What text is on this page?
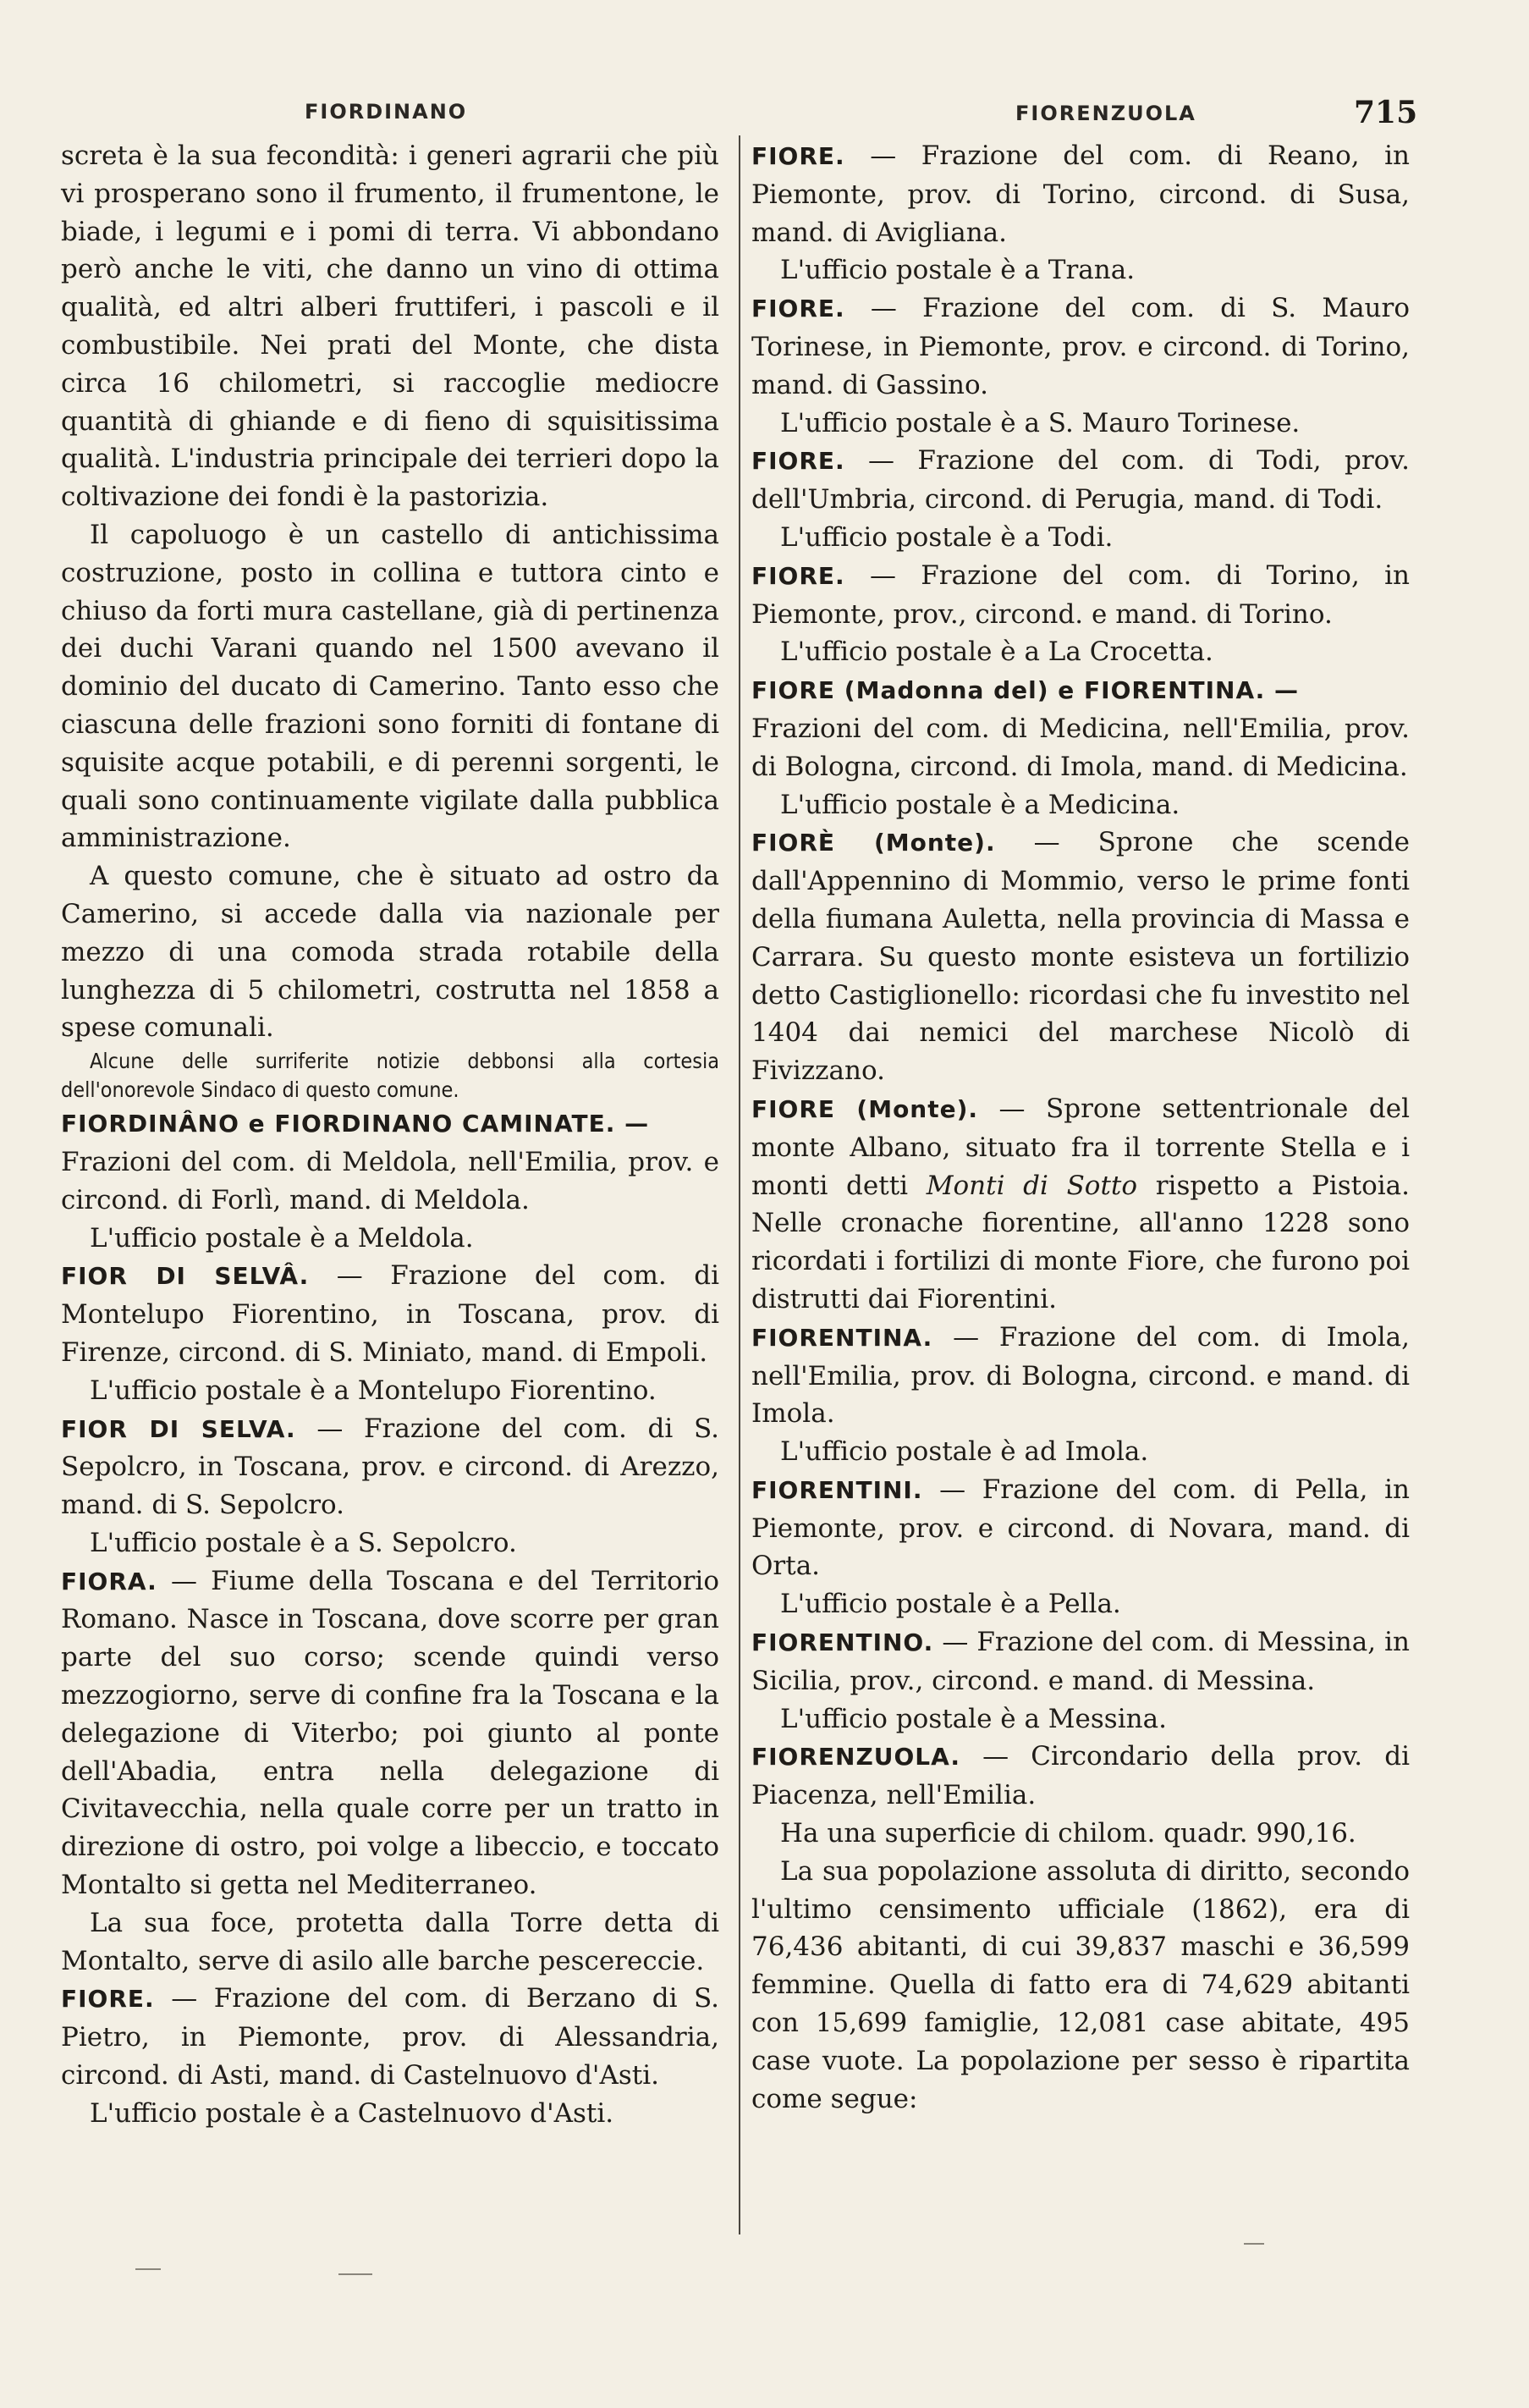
FIORDINANO	FIORENZUOLA	715

screta è la sua fecondità: i generi agrarii che più vi prosperano sono il frumento, il frumentone, le biade, i legumi e i pomi di terra. Vi abbondano però anche le viti, che danno un vino di ottima qualità, ed altri alberi fruttiferi, i pascoli e il combustibile. Nei prati del Monte, che dista circa 16 chilometri, si raccoglie mediocre quantità di ghiande e di fieno di squisitissima qualità. L'industria principale dei terrieri dopo la coltivazione dei fondi è la pastorizia.

Il capoluogo è un castello di antichissima costruzione, posto in collina e tuttora cinto e chiuso da forti mura castellane, già di pertinenza dei duchi Varani quando nel 1500 avevano il dominio del ducato di Camerino. Tanto esso che ciascuna delle frazioni sono forniti di fontane di squisite acque potabili, e di perenni sorgenti, le quali sono continuamente vigilate dalla pubblica amministrazione.

A questo comune, che è situato ad ostro da Camerino, si accede dalla via nazionale per mezzo di una comoda strada rotabile della lunghezza di 5 chilometri, costrutta nel 1858 a spese comunali.

Alcune delle surriferite notizie debbonsi alla cortesia dell'onorevole Sindaco di questo comune.

FIORDINÂNO e FIORDINANO CAMINATE. —

Frazioni del com. di Meldola, nell'Emilia, prov. e circond. di Forlì, mand. di Meldola.

L'ufficio postale è a Meldola.

FIOR DI SELVÂ. — Frazione del com. di Montelupo Fiorentino, in Toscana, prov. di Firenze, circond. di S. Miniato, mand. di Empoli.

L'ufficio postale è a Montelupo Fiorentino.

FIOR DI SELVA. — Frazione del com. di S. Sepolcro, in Toscana, prov. e circond. di Arezzo, mand. di S. Sepolcro.

L'ufficio postale è a S. Sepolcro.

FIORA. — Fiume della Toscana e del Territorio Romano. Nasce in Toscana, dove scorre per gran parte del suo corso; scende quindi verso mezzogiorno, serve di confine fra la Toscana e la delegazione di Viterbo; poi giunto al ponte dell'Abadia, entra nella delegazione di Civitavecchia, nella quale corre per un tratto in direzione di ostro, poi volge a libeccio, e toccato Montalto si getta nel Mediterraneo.

La sua foce, protetta dalla Torre detta di Montalto, serve di asilo alle barche pescereccie.

FIORE. — Frazione del com. di Berzano di S. Pietro, in Piemonte, prov. di Alessandria, circond. di Asti, mand. di Castelnuovo d'Asti.

L'ufficio postale è a Castelnuovo d'Asti.

FIORE. — Frazione del com. di Reano, in Piemonte, prov. di Torino, circond. di Susa, mand. di Avigliana.

L'ufficio postale è a Trana.

FIORE. — Frazione del com. di S. Mauro Torinese, in Piemonte, prov. e circond. di Torino, mand. di Gassino.

L'ufficio postale è a S. Mauro Torinese.

FIORE. — Frazione del com. di Todi, prov. dell'Umbria, circond. di Perugia, mand. di Todi.

L'ufficio postale è a Todi.

FIORE. — Frazione del com. di Torino, in Piemonte, prov., circond. e mand. di Torino.

L'ufficio postale è a La Crocetta.

FIORE (Madonna del) e FIORENTINA. —

Frazioni del com. di Medicina, nell'Emilia, prov. di Bologna, circond. di Imola, mand. di Medicina.

L'ufficio postale è a Medicina.

FIORÈ (Monte). — Sprone che scende dall'Appennino di Mommio, verso le prime fonti della fiumana Auletta, nella provincia di Massa e Carrara. Su questo monte esisteva un fortilizio detto Castiglionello: ricordasi che fu investito nel 1404 dai nemici del marchese Nicolò di Fivizzano.

FIORE (Monte). — Sprone settentrionale del monte Albano, situato fra il torrente Stella e i monti detti Monti di Sotto rispetto a Pistoia. Nelle cronache fiorentine, all'anno 1228 sono ricordati i fortilizi di monte Fiore, che furono poi distrutti dai Fiorentini.

FIORENTINA. — Frazione del com. di Imola, nell'Emilia, prov. di Bologna, circond. e mand. di Imola.

L'ufficio postale è ad Imola.

FIORENTINI. — Frazione del com. di Pella, in Piemonte, prov. e circond. di Novara, mand. di Orta.

L'ufficio postale è a Pella.

FIORENTINO. — Frazione del com. di Messina, in Sicilia, prov., circond. e mand. di Messina.

L'ufficio postale è a Messina.

FIORENZUOLA. — Circondario della prov. di Piacenza, nell'Emilia.

Ha una superficie di chilom. quadr. 990,16.

La sua popolazione assoluta di diritto, secondo l'ultimo censimento ufficiale (1862), era di 76,436 abitanti, di cui 39,837 maschi e 36,599 femmine. Quella di fatto era di 74,629 abitanti con 15,699 famiglie, 12,081 case abitate, 495 case vuote. La popolazione per sesso è ripartita come segue:
